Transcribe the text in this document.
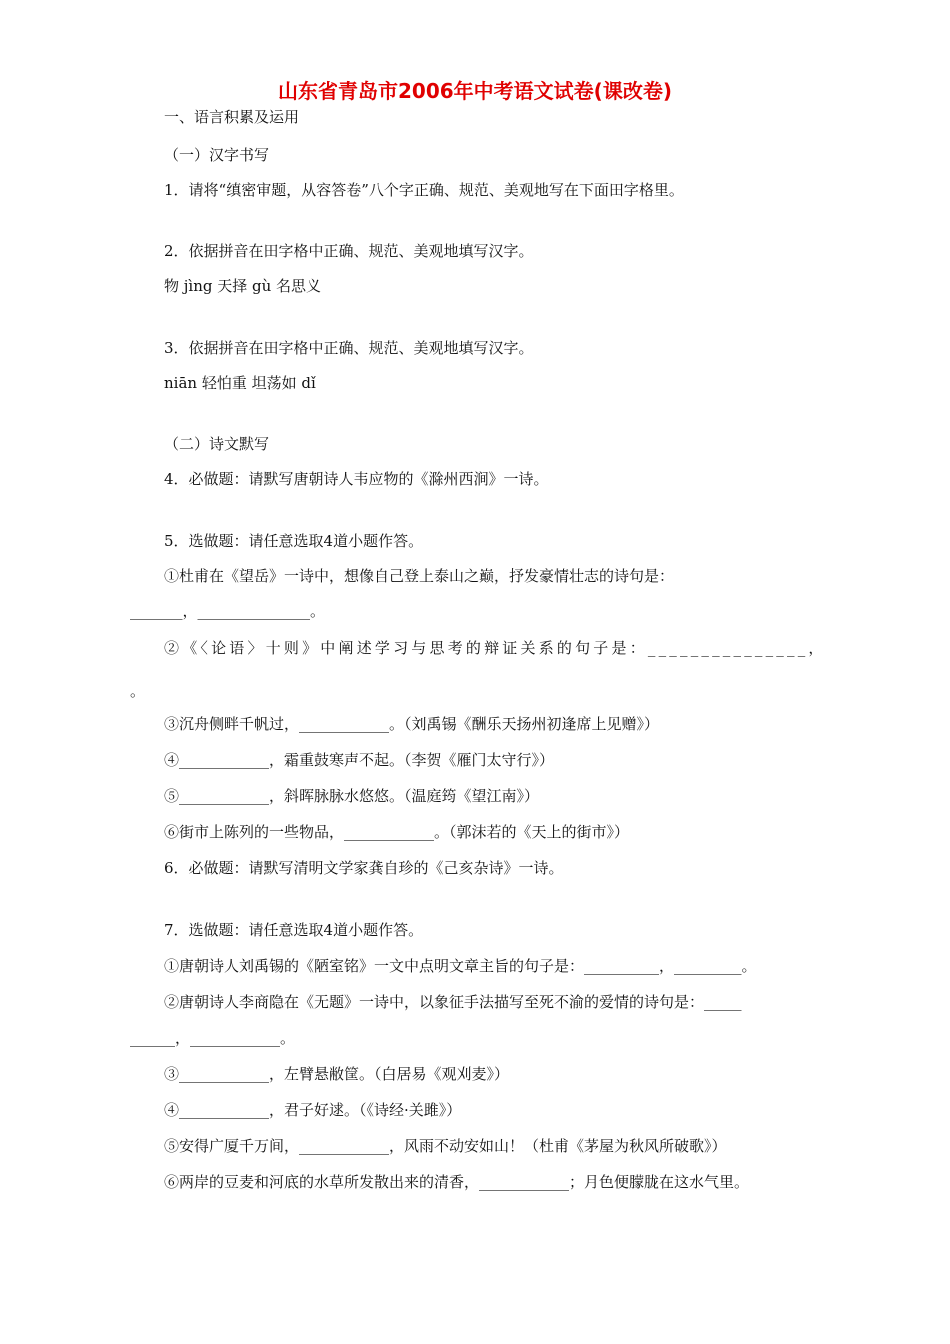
山东省青岛市2006年中考语文试卷(课改卷)
一、语言积累及运用
（一）汉字书写
1．请将“缜密审题，从容答卷”八个字正确、规范、美观地写在下面田字格里。
2．依据拼音在田字格中正确、规范、美观地填写汉字。
物 jìng 天择 gù 名思义
3．依据拼音在田字格中正确、规范、美观地填写汉字。
niān 轻怕重 坦荡如 dǐ
（二）诗文默写
4．必做题：请默写唐朝诗人韦应物的《滁州西涧》一诗。
5．选做题：请任意选取4道小题作答。
①杜甫在《望岳》一诗中，想像自己登上泰山之巅，抒发豪情壮志的诗句是：
_______，_______________。
②《〈论语〉十则》中阐述学习与思考的辩证关系的句子是：_______________，
。
③沉舟侧畔千帆过，____________。（刘禹锡《酬乐天扬州初逢席上见赠》）
④____________，霜重鼓寒声不起。（李贺《雁门太守行》）
⑤____________，斜晖脉脉水悠悠。（温庭筠《望江南》）
⑥街市上陈列的一些物品，____________。（郭沫若的《天上的街市》）
6．必做题：请默写清明文学家龚自珍的《己亥杂诗》一诗。
7．选做题：请任意选取4道小题作答。
①唐朝诗人刘禹锡的《陋室铭》一文中点明文章主旨的句子是：__________，_________。
②唐朝诗人李商隐在《无题》一诗中，以象征手法描写至死不渝的爱情的诗句是：_____
______，____________。
③____________，左臂悬敝筐。（白居易《观刈麦》）
④____________，君子好逑。（《诗经·关雎》）
⑤安得广厦千万间，____________，风雨不动安如山！（杜甫《茅屋为秋风所破歌》）
⑥两岸的豆麦和河底的水草所发散出来的清香，____________；月色便朦胧在这水气里。
